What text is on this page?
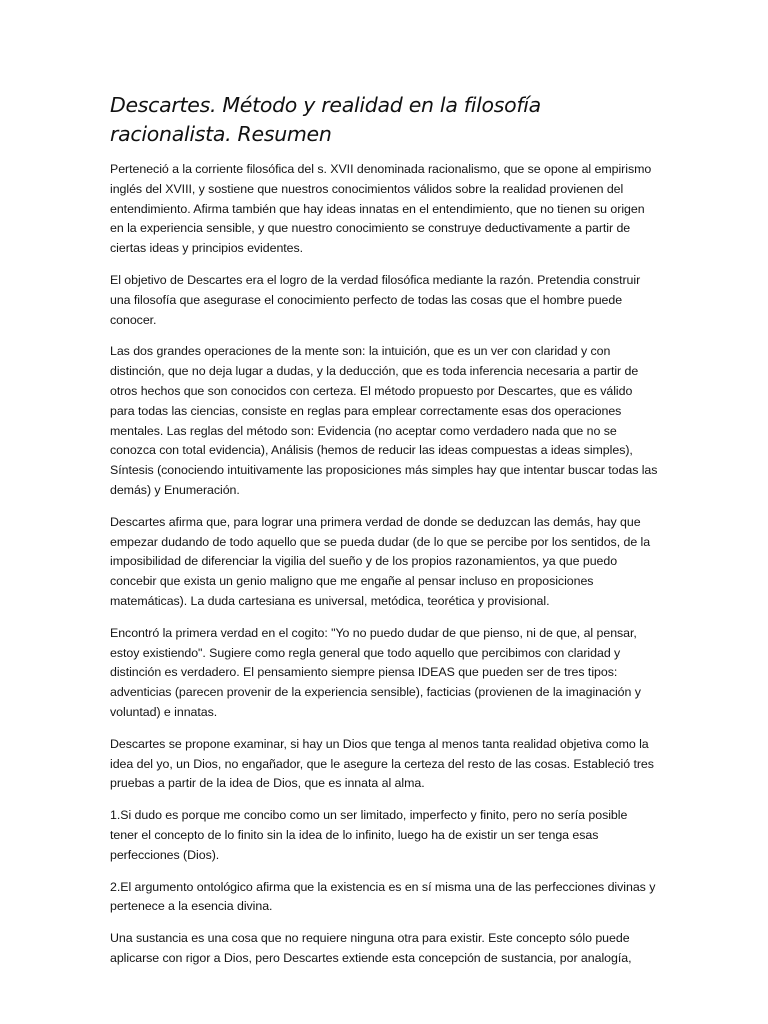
Descartes. Método y realidad en la filosofía racionalista. Resumen

Perteneció a la corriente filosófica del s. XVII denominada racionalismo, que se opone al empirismo inglés del XVIII, y sostiene que nuestros conocimientos válidos sobre la realidad provienen del entendimiento. Afirma también que hay ideas innatas en el entendimiento, que no tienen su origen en la experiencia sensible, y que nuestro conocimiento se construye deductivamente a partir de ciertas ideas y principios evidentes.

El objetivo de Descartes era el logro de la verdad filosófica mediante la razón. Pretendia construir una filosofía que asegurase el conocimiento perfecto de todas las cosas que el hombre puede conocer.

Las dos grandes operaciones de la mente son: la intuición, que es un ver con claridad y con distinción, que no deja lugar a dudas, y la deducción, que es toda inferencia necesaria a partir de otros hechos que son conocidos con certeza. El método propuesto por Descartes, que es válido para todas las ciencias, consiste en reglas para emplear correctamente esas dos operaciones mentales. Las reglas del método son: Evidencia (no aceptar como verdadero nada que no se conozca con total evidencia), Análisis (hemos de reducir las ideas compuestas a ideas simples), Síntesis (conociendo intuitivamente las proposiciones más simples hay que intentar buscar todas las demás) y Enumeración.

Descartes afirma que, para lograr una primera verdad de donde se deduzcan las demás, hay que empezar dudando de todo aquello que se pueda dudar (de lo que se percibe por los sentidos, de la imposibilidad de diferenciar la vigilia del sueño y de los propios razonamientos, ya que puedo concebir que exista un genio maligno que me engañe al pensar incluso en proposiciones matemáticas). La duda cartesiana es universal, metódica, teorética y provisional.

Encontró la primera verdad en el cogito: "Yo no puedo dudar de que pienso, ni de que, al pensar, estoy existiendo". Sugiere como regla general que todo aquello que percibimos con claridad y distinción es verdadero. El pensamiento siempre piensa IDEAS que pueden ser de tres tipos: adventicias (parecen provenir de la experiencia sensible), facticias (provienen de la imaginación y voluntad) e innatas.

Descartes se propone examinar, si hay un Dios que tenga al menos tanta realidad objetiva como la idea del yo, un Dios, no engañador, que le asegure la certeza del resto de las cosas. Estableció tres pruebas a partir de la idea de Dios, que es innata al alma.

1.Si dudo es porque me concibo como un ser limitado, imperfecto y finito, pero no sería posible tener el concepto de lo finito sin la idea de lo infinito, luego ha de existir un ser tenga esas perfecciones (Dios).

2.El argumento ontológico afirma que la existencia es en sí misma una de las perfecciones divinas y pertenece a la esencia divina.

Una sustancia es una cosa que no requiere ninguna otra para existir. Este concepto sólo puede aplicarse con rigor a Dios, pero Descartes extiende esta concepción de sustancia, por analogía,
